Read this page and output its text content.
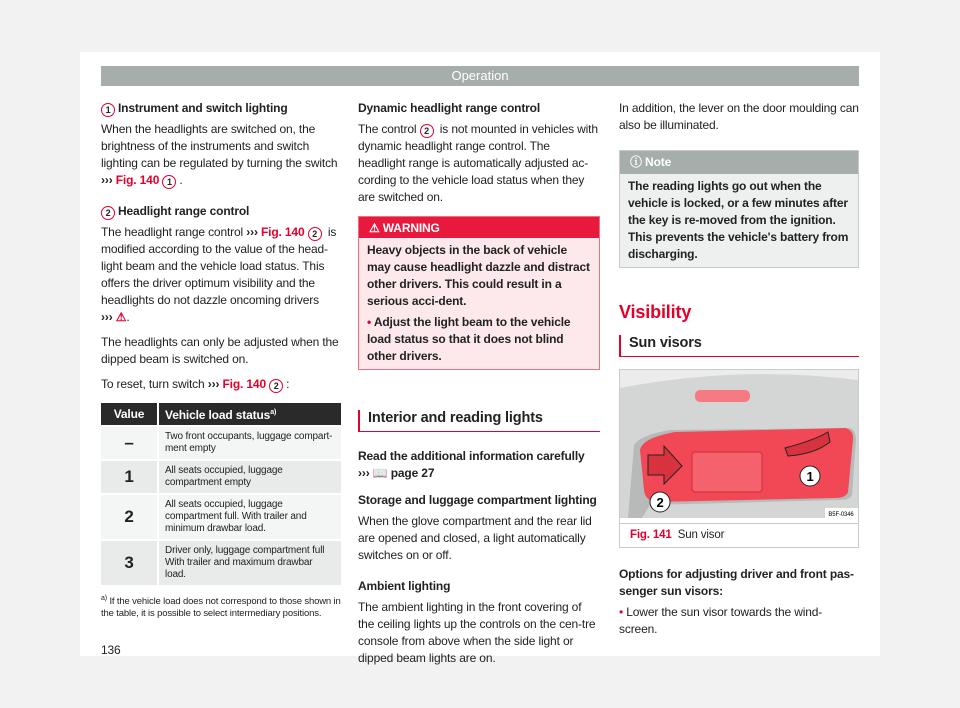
Operation
1 Instrument and switch lighting

When the headlights are switched on, the brightness of the instruments and switch lighting can be regulated by turning the switch ››› Fig. 140 1 .

2 Headlight range control

The headlight range control ››› Fig. 140 2 is modified according to the value of the head-light beam and the vehicle load status. This offers the driver optimum visibility and the headlights do not dazzle oncoming drivers
››› ⚠.

The headlights can only be adjusted when the dipped beam is switched on.

To reset, turn switch ››› Fig. 140 2 :

Value	Vehicle load status$^{a)}$
–	Two front occupants, luggage compart-ment empty
1	All seats occupied, luggage compartment empty
2	All seats occupied, luggage compartment full. With trailer and minimum drawbar load.
3	Driver only, luggage compartment full With trailer and maximum drawbar load.
$^{a)}$ If the vehicle load does not correspond to those shown in the table, it is possible to select intermediary positions.
136
Dynamic headlight range control

The control 2 is not mounted in vehicles with dynamic headlight range control. The headlight range is automatically adjusted ac-cording to the vehicle load status when they are switched on.

⚠ WARNING

Heavy objects in the back of vehicle may cause headlight dazzle and distract other drivers. This could result in a serious acci-dent.

• Adjust the light beam to the vehicle load status so that it does not blind other drivers.
Interior and reading lights
Read the additional information carefully
››› 📖 page 27
Storage and luggage compartment lighting

When the glove compartment and the rear lid are opened and closed, a light automatically switches on or off.

Ambient lighting

The ambient lighting in the front covering of the ceiling lights up the controls on the cen-tre console from above when the side light or dipped beam lights are on.

In addition, the lever on the door moulding can also be illuminated.

ⓘ Note
The reading lights go out when the vehicle is locked, or a few minutes after the key is re-moved from the ignition. This prevents the vehicle's battery from discharging.
Visibility
Sun visors
1
2
B5F-0346
Fig. 141 Sun visor
Options for adjusting driver and front pas-senger sun visors:
• Lower the sun visor towards the wind-screen.
